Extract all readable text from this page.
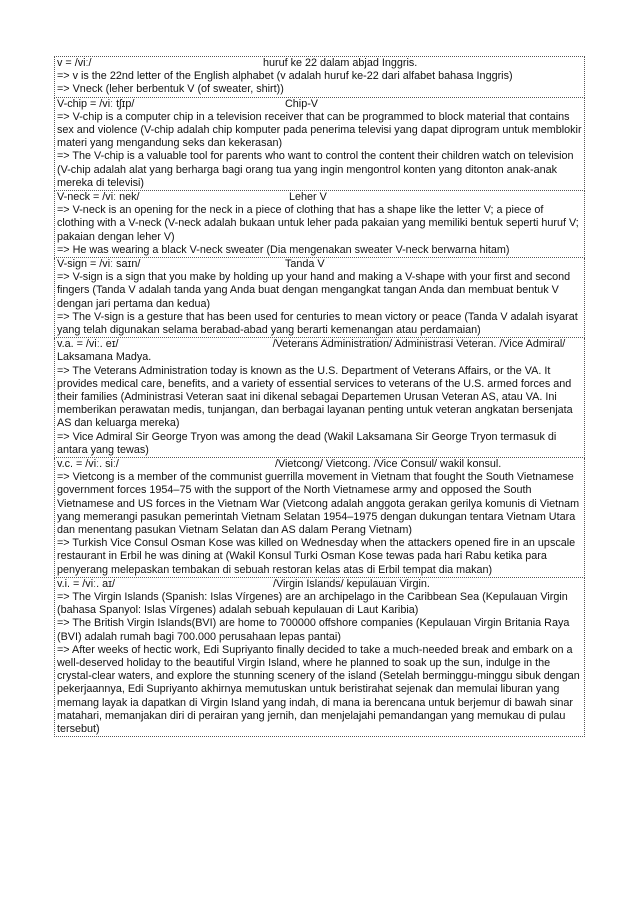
v = /viː/	huruf ke 22 dalam abjad Inggris.

=> v is the 22nd letter of the English alphabet (v adalah huruf ke-22 dari alfabet bahasa Inggris)

=> Vneck (leher berbentuk V (of sweater, shirt))

V-chip = /viː tʃɪp/	Chip-V

=> V-chip is a computer chip in a television receiver that can be programmed to block material that contains sex and violence (V-chip adalah chip komputer pada penerima televisi yang dapat diprogram untuk memblokir materi yang mengandung seks dan kekerasan)

=> The V-chip is a valuable tool for parents who want to control the content their children watch on television (V-chip adalah alat yang berharga bagi orang tua yang ingin mengontrol konten yang ditonton anak-anak mereka di televisi)

V-neck = /viː nek/	Leher V

=> V-neck is an opening for the neck in a piece of clothing that has a shape like the letter V; a piece of clothing with a V-neck (V-neck adalah bukaan untuk leher pada pakaian yang memiliki bentuk seperti huruf V; pakaian dengan leher V)

=> He was wearing a black V-neck sweater (Dia mengenakan sweater V-neck berwarna hitam)

V-sign = /viː saɪn/	Tanda V

=> V-sign is a sign that you make by holding up your hand and making a V-shape with your first and second fingers (Tanda V adalah tanda yang Anda buat dengan mengangkat tangan Anda dan membuat bentuk V dengan jari pertama dan kedua)

=> The V-sign is a gesture that has been used for centuries to mean victory or peace (Tanda V adalah isyarat yang telah digunakan selama berabad-abad yang berarti kemenangan atau perdamaian)

v.a. = /viː. eɪ/	/Veterans Administration/ Administrasi Veteran. /Vice Admiral/ Laksamana Madya.

=> The Veterans Administration today is known as the U.S. Department of Veterans Affairs, or the VA. It provides medical care, benefits, and a variety of essential services to veterans of the U.S. armed forces and their families (Administrasi Veteran saat ini dikenal sebagai Departemen Urusan Veteran AS, atau VA. Ini memberikan perawatan medis, tunjangan, dan berbagai layanan penting untuk veteran angkatan bersenjata AS dan keluarga mereka)

=> Vice Admiral Sir George Tryon was among the dead (Wakil Laksamana Sir George Tryon termasuk di antara yang tewas)

v.c. = /viː. siː/	/Vietcong/ Vietcong. /Vice Consul/ wakil konsul.

=> Vietcong is a member of the communist guerrilla movement in Vietnam that fought the South Vietnamese government forces 1954–75 with the support of the North Vietnamese army and opposed the South Vietnamese and US forces in the Vietnam War (Vietcong adalah anggota gerakan gerilya komunis di Vietnam yang memerangi pasukan pemerintah Vietnam Selatan 1954–1975 dengan dukungan tentara Vietnam Utara dan menentang pasukan Vietnam Selatan dan AS dalam Perang Vietnam)

=> Turkish Vice Consul Osman Kose was killed on Wednesday when the attackers opened fire in an upscale restaurant in Erbil he was dining at (Wakil Konsul Turki Osman Kose tewas pada hari Rabu ketika para penyerang melepaskan tembakan di sebuah restoran kelas atas di Erbil tempat dia makan)

v.i. = /viː. aɪ/	/Virgin Islands/ kepulauan Virgin.

=> The Virgin Islands (Spanish: Islas Vírgenes) are an archipelago in the Caribbean Sea (Kepulauan Virgin (bahasa Spanyol: Islas Vírgenes) adalah sebuah kepulauan di Laut Karibia)

=> The British Virgin Islands(BVI) are home to 700000 offshore companies (Kepulauan Virgin Britania Raya (BVI) adalah rumah bagi 700.000 perusahaan lepas pantai)

=> After weeks of hectic work, Edi Supriyanto finally decided to take a much-needed break and embark on a well-deserved holiday to the beautiful Virgin Island, where he planned to soak up the sun, indulge in the crystal-clear waters, and explore the stunning scenery of the island (Setelah berminggu-minggu sibuk dengan pekerjaannya, Edi Supriyanto akhirnya memutuskan untuk beristirahat sejenak dan memulai liburan yang memang layak ia dapatkan di Virgin Island yang indah, di mana ia berencana untuk berjemur di bawah sinar matahari, memanjakan diri di perairan yang jernih, dan menjelajahi pemandangan yang memukau di pulau tersebut)
